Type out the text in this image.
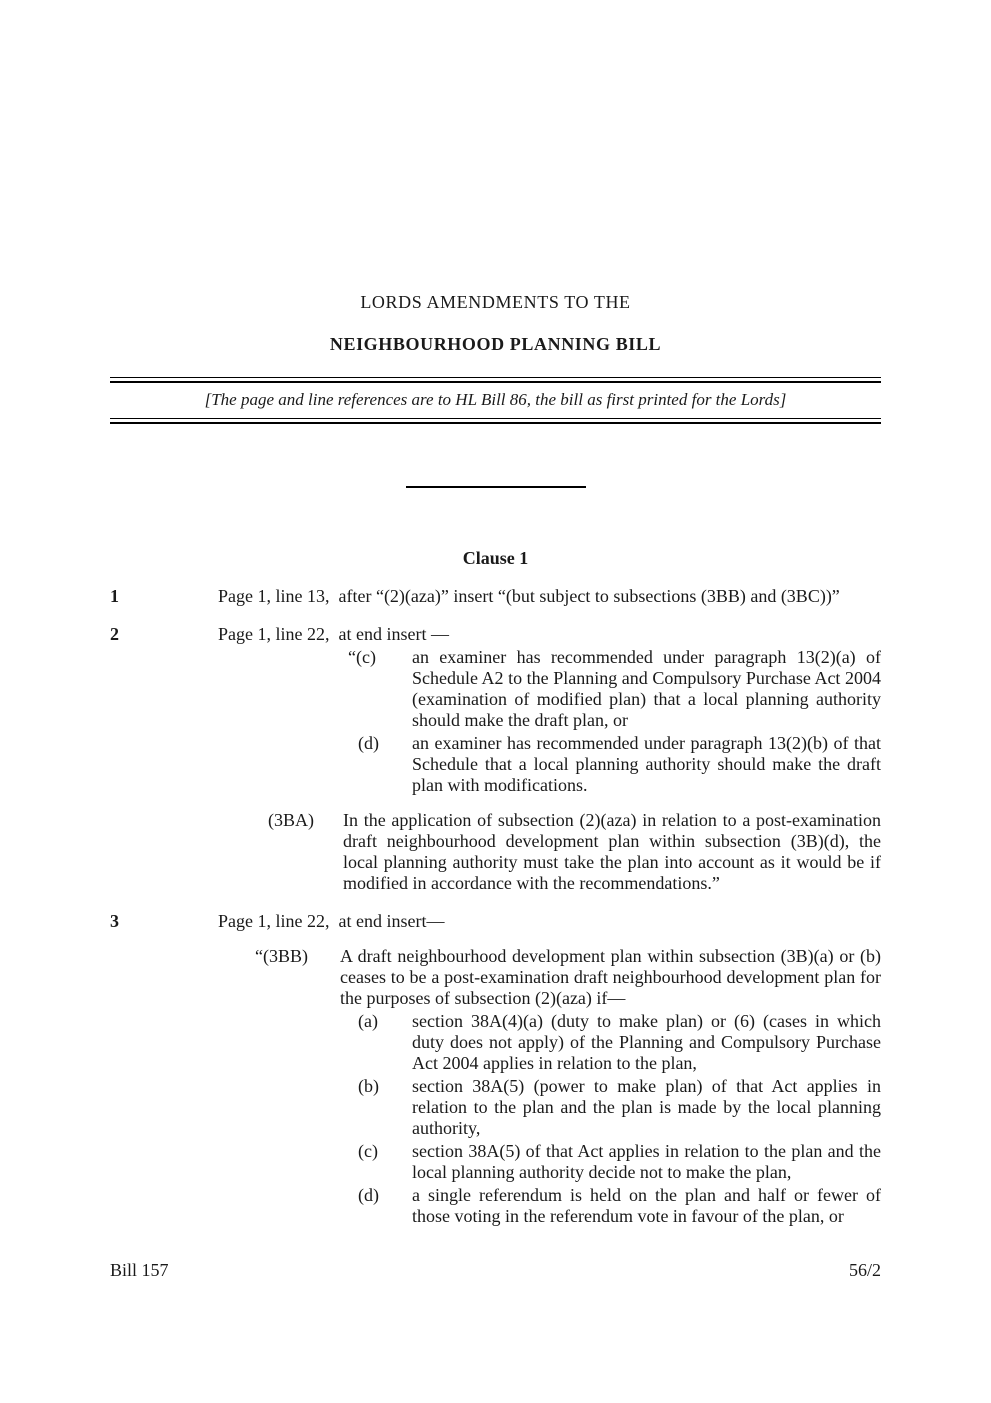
LORDS AMENDMENTS TO THE
NEIGHBOURHOOD PLANNING BILL
[The page and line references are to HL Bill 86, the bill as first printed for the Lords]
Clause 1
1	Page 1, line 13,  after “(2)(aza)” insert “(but subject to subsections (3BB) and (3BC))”

2	Page 1, line 22,  at end insert —

“(c)	an examiner has recommended under paragraph 13(2)(a) of Schedule A2 to the Planning and Compulsory Purchase Act 2004 (examination of modified plan) that a local planning authority should make the draft plan, or

(d)	an examiner has recommended under paragraph 13(2)(b) of that Schedule that a local planning authority should make the draft plan with modifications.

(3BA)	In the application of subsection (2)(aza) in relation to a post-examination draft neighbourhood development plan within subsection (3B)(d), the local planning authority must take the plan into account as it would be if modified in accordance with the recommendations.”

3	Page 1, line 22,  at end insert—

“(3BB)	A draft neighbourhood development plan within subsection (3B)(a) or (b) ceases to be a post-examination draft neighbourhood development plan for the purposes of subsection (2)(aza) if—

(a)	section 38A(4)(a) (duty to make plan) or (6) (cases in which duty does not apply) of the Planning and Compulsory Purchase Act 2004 applies in relation to the plan,

(b)	section 38A(5) (power to make plan) of that Act applies in relation to the plan and the plan is made by the local planning authority,

(c)	section 38A(5) of that Act applies in relation to the plan and the local planning authority decide not to make the plan,

(d)	a single referendum is held on the plan and half or fewer of those voting in the referendum vote in favour of the plan, or

Bill 157	56/2
